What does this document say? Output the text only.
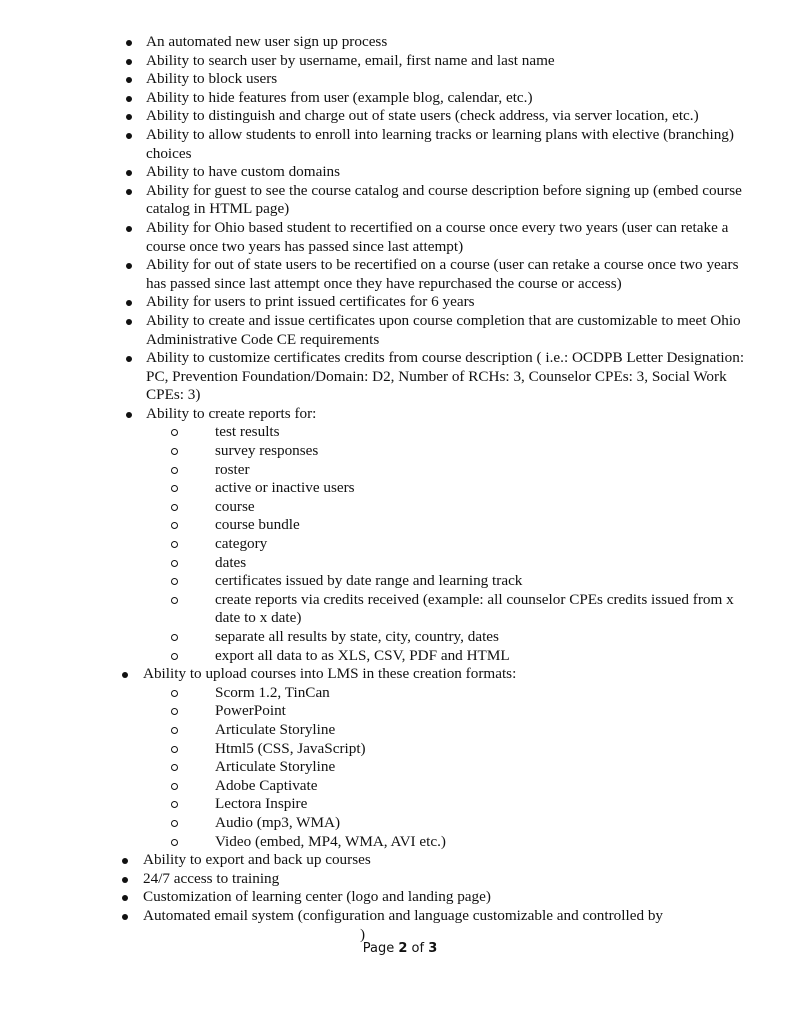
An automated new user sign up process
Ability to search user by username, email, first name and last name
Ability to block users
Ability to hide features from user (example blog, calendar, etc.)
Ability to distinguish and charge out of state users (check address, via server location, etc.)
Ability to allow students to enroll into learning tracks or learning plans with elective (branching) choices
Ability to have custom domains
Ability for guest to see the course catalog and course description before signing up (embed course catalog in HTML page)
Ability for Ohio based student to recertified on a course once every two years (user can retake a course once two years has passed since last attempt)
Ability for out of state users to be recertified on a course (user can retake a course once two years has passed since last attempt once they have repurchased the course or access)
Ability for users to print issued certificates for 6 years
Ability to create and issue certificates upon course completion that are customizable to meet Ohio Administrative Code CE requirements
Ability to customize certificates credits from course description ( i.e.: OCDPB Letter Designation: PC, Prevention Foundation/Domain: D2, Number of RCHs: 3, Counselor CPEs: 3, Social Work CPEs: 3)
Ability to create reports for:
test results
survey responses
roster
active or inactive users
course
course bundle
category
dates
certificates issued by date range and learning track
create reports via credits received (example: all counselor CPEs credits issued from x date to x date)
separate all results by state, city, country, dates
export all data to as XLS, CSV, PDF and HTML
Ability to upload courses into LMS in these creation formats:
Scorm 1.2, TinCan
PowerPoint
Articulate Storyline
Html5 (CSS, JavaScript)
Articulate Storyline
Adobe Captivate
Lectora Inspire
Audio (mp3, WMA)
Video (embed, MP4, WMA, AVI etc.)
Ability to export and back up courses
24/7 access to training
Customization of learning center (logo and landing page)
Automated email system (configuration and language customizable and controlled by
)
Page 2 of 3
